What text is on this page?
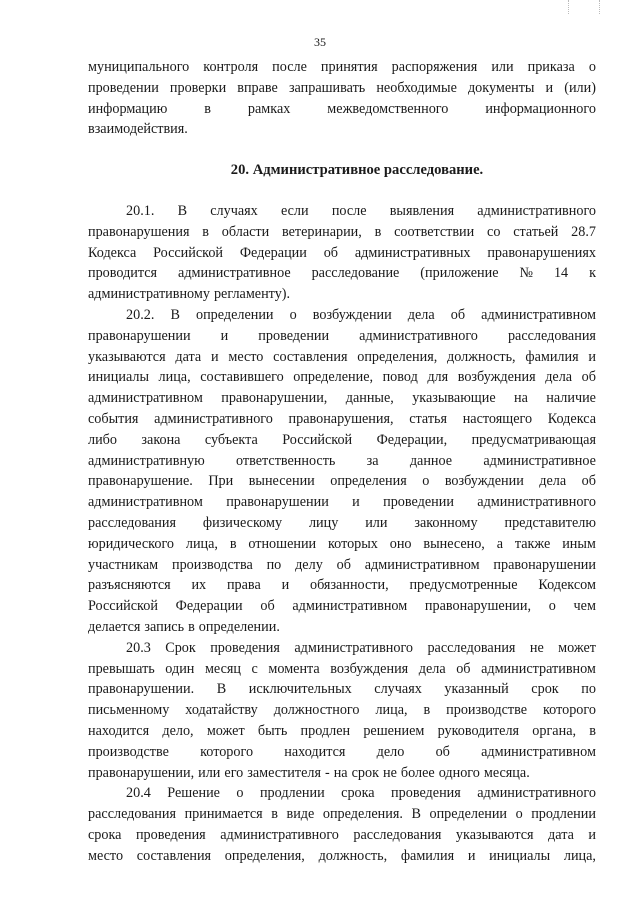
35
муниципального контроля после принятия распоряжения или приказа о
проведении проверки вправе запрашивать необходимые документы и (или)
информацию	в	рамках	межведомственного	информационного
взаимодействия.
20. Административное расследование.
20.1. В случаях если после выявления административного
правонарушения в области ветеринарии, в соответствии со статьей 28.7
Кодекса Российской Федерации об административных правонарушениях
проводится административное расследование (приложение № 14 к
административному регламенту).
20.2. В определении о возбуждении дела об административном
правонарушении и проведении административного расследования
указываются дата и место составления определения, должность, фамилия и
инициалы лица, составившего определение, повод для возбуждения дела об
административном правонарушении, данные, указывающие на наличие
события административного правонарушения, статья настоящего Кодекса
либо закона субъекта Российской Федерации, предусматривающая
административную ответственность за данное административное
правонарушение. При вынесении определения о возбуждении дела об
административном правонарушении и проведении административного
расследования физическому лицу или законному представителю
юридического лица, в отношении которых оно вынесено, а также иным
участникам производства по делу об административном правонарушении
разъясняются их права и обязанности, предусмотренные Кодексом
Российской Федерации об административном правонарушении, о чем
делается запись в определении.
20.3 Срок проведения административного расследования не может
превышать один месяц с момента возбуждения дела об административном
правонарушении. В исключительных случаях указанный срок по
письменному ходатайству должностного лица, в производстве которого
находится дело, может быть продлен решением руководителя органа, в
производстве которого находится дело об административном
правонарушении, или его заместителя - на срок не более одного месяца.
20.4 Решение о продлении срока проведения административного
расследования принимается в виде определения. В определении о продлении
срока проведения административного расследования указываются дата и
место составления определения, должность, фамилия и инициалы лица,
